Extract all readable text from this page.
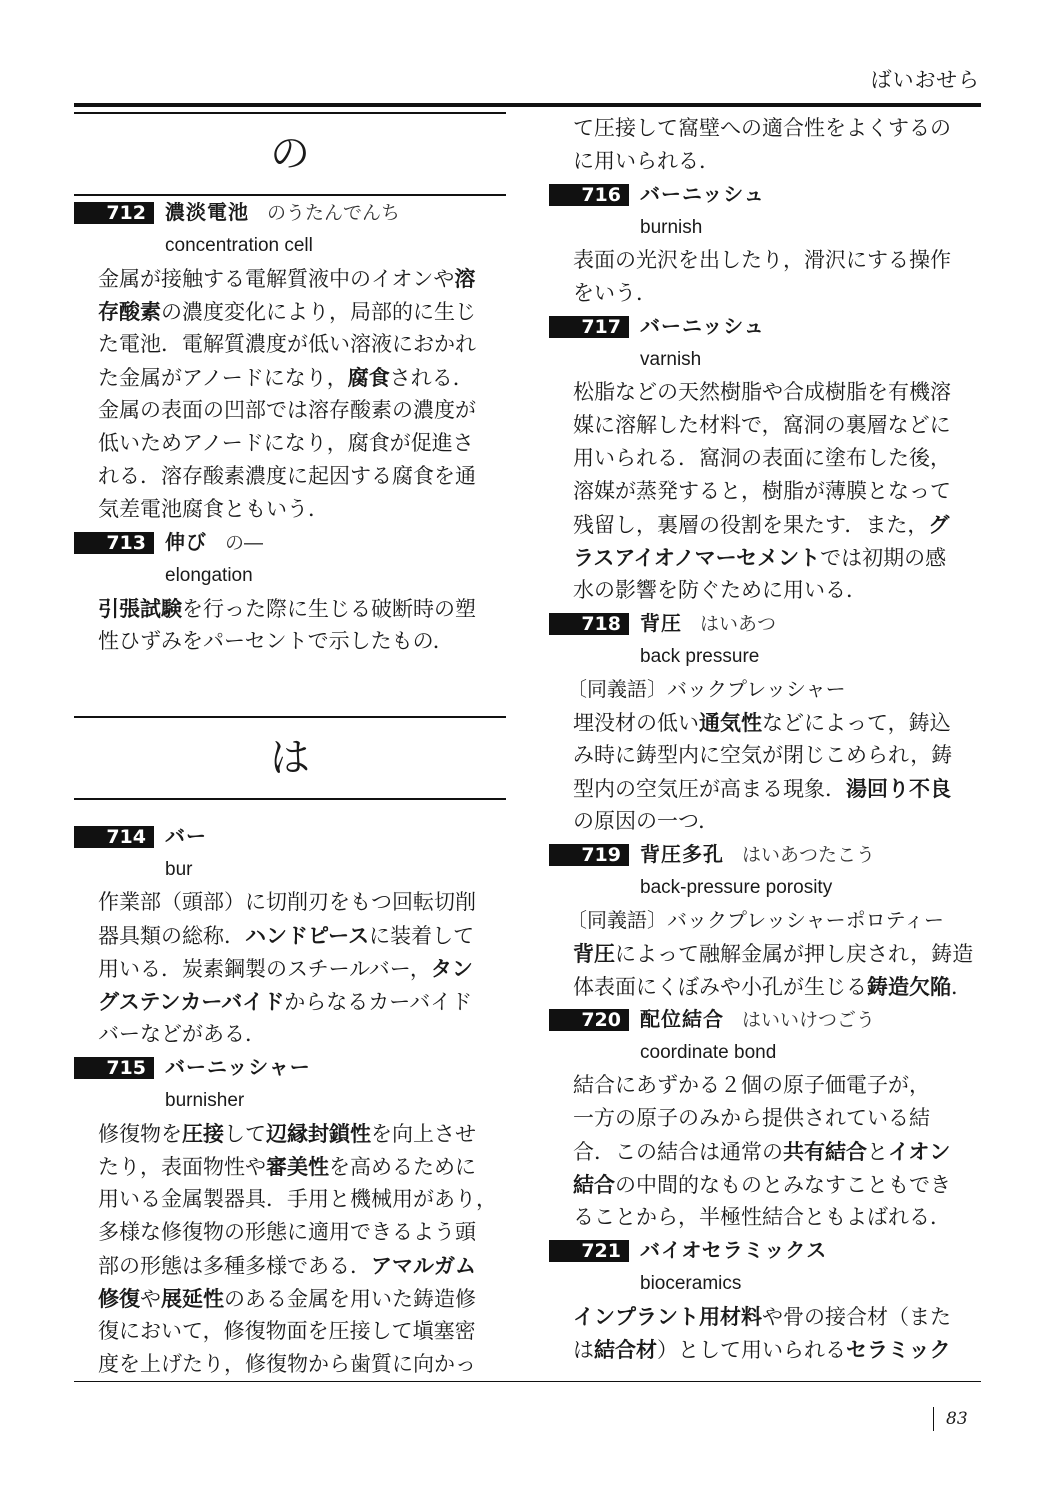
ばいおせら
の
712 濃淡電池 のうたんでんち
concentration cell
金属が接触する電解質液中のイオンや溶
存酸素の濃度変化により，局部的に生じ
た電池．電解質濃度が低い溶液におかれ
た金属がアノードになり，腐食される．
金属の表面の凹部では溶存酸素の濃度が
低いためアノードになり，腐食が促進さ
れる．溶存酸素濃度に起因する腐食を通
気差電池腐食ともいう．
713 伸び の―
elongation
引張試験を行った際に生じる破断時の塑
性ひずみをパーセントで示したもの．
は
714 バー
bur
作業部（頭部）に切削刃をもつ回転切削
器具類の総称．ハンドピースに装着して
用いる．炭素鋼製のスチールバー，タン
グステンカーバイドからなるカーバイド
バーなどがある．
715 バーニッシャー
burnisher
修復物を圧接して辺縁封鎖性を向上させ
たり，表面物性や審美性を高めるために
用いる金属製器具．手用と機械用があり，
多様な修復物の形態に適用できるよう頭
部の形態は多種多様である．アマルガム
修復や展延性のある金属を用いた鋳造修
復において，修復物面を圧接して塡塞密
度を上げたり，修復物から歯質に向かっ
て圧接して窩壁への適合性をよくするの
に用いられる．
716 バーニッシュ
burnish
表面の光沢を出したり，滑沢にする操作
をいう．
717 バーニッシュ
varnish
松脂などの天然樹脂や合成樹脂を有機溶
媒に溶解した材料で，窩洞の裏層などに
用いられる．窩洞の表面に塗布した後，
溶媒が蒸発すると，樹脂が薄膜となって
残留し，裏層の役割を果たす．また，グ
ラスアイオノマーセメントでは初期の感
水の影響を防ぐために用いる．
718 背圧 はいあつ
back pressure
〔同義語〕バックプレッシャー
埋没材の低い通気性などによって，鋳込
み時に鋳型内に空気が閉じこめられ，鋳
型内の空気圧が高まる現象．湯回り不良
の原因の一つ．
719 背圧多孔 はいあつたこう
back-pressure porosity
〔同義語〕バックプレッシャーポロティー
背圧によって融解金属が押し戻され，鋳造
体表面にくぼみや小孔が生じる鋳造欠陥．
720 配位結合 はいいけつごう
coordinate bond
結合にあずかる２個の原子価電子が，
一方の原子のみから提供されている結
合．この結合は通常の共有結合とイオン
結合の中間的なものとみなすこともでき
ることから，半極性結合ともよばれる．
721 バイオセラミックス
bioceramics
インプラント用材料や骨の接合材（また
は結合材）として用いられるセラミック
83
